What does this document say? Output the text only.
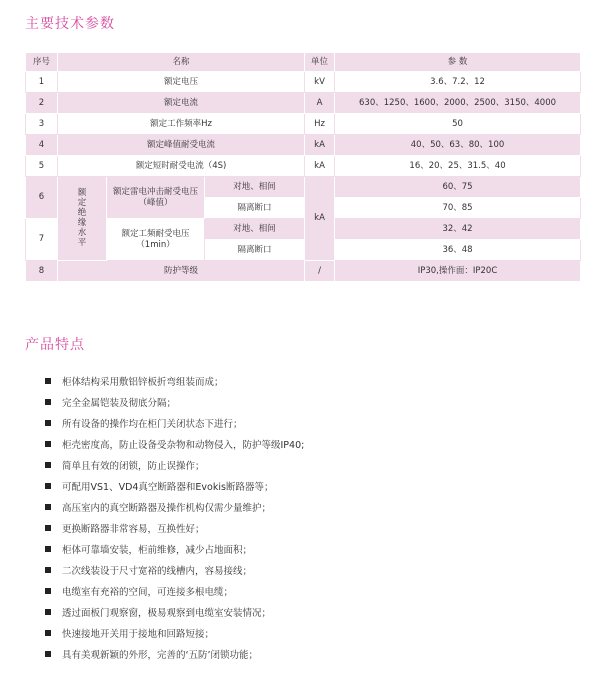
主要技术参数
序号	名称			单位	参 数
1	额定电压			kV	3.6、7.2、12
2	额定电流			A	630、1250、1600、2000、2500、3150、4000
3	额定工作频率Hz			Hz	50
4	额定峰值耐受电流			kA	40、50、63、80、100
5	额定短时耐受电流（4S)			kA	16、20、25、31.5、40
6	额定绝缘水平	额定雷电冲击耐受电压（峰值）	对地、相间	kA	60、75
			隔离断口		70、85
7		额定工频耐受电压（1min）	对地、相间		32、42
			隔离断口		36、48
8	防护等级			/	IP30,操作面：IP20C
产品特点
柜体结构采用敷铝锌板折弯组装而成；
完全金属铠装及彻底分隔；
所有设备的操作均在柜门关闭状态下进行；
柜壳密度高，防止设备受杂物和动物侵入，防护等级IP40;
简单且有效的闭锁，防止误操作；
可配用VS1、VD4真空断路器和Evokis断路器等；
高压室内的真空断路器及操作机构仅需少量维护；
更换断路器非常容易，互换性好；
柜体可靠墙安装，柜前维修，减少占地面积；
二次线装设于尺寸宽裕的线槽内，容易接线；
电缆室有充裕的空间，可连接多根电缆；
透过面板门观察窗，极易观察到电缆室安装情况；
快速接地开关用于接地和回路短接；
具有美观新颖的外形，完善的‘五防’闭锁功能；
